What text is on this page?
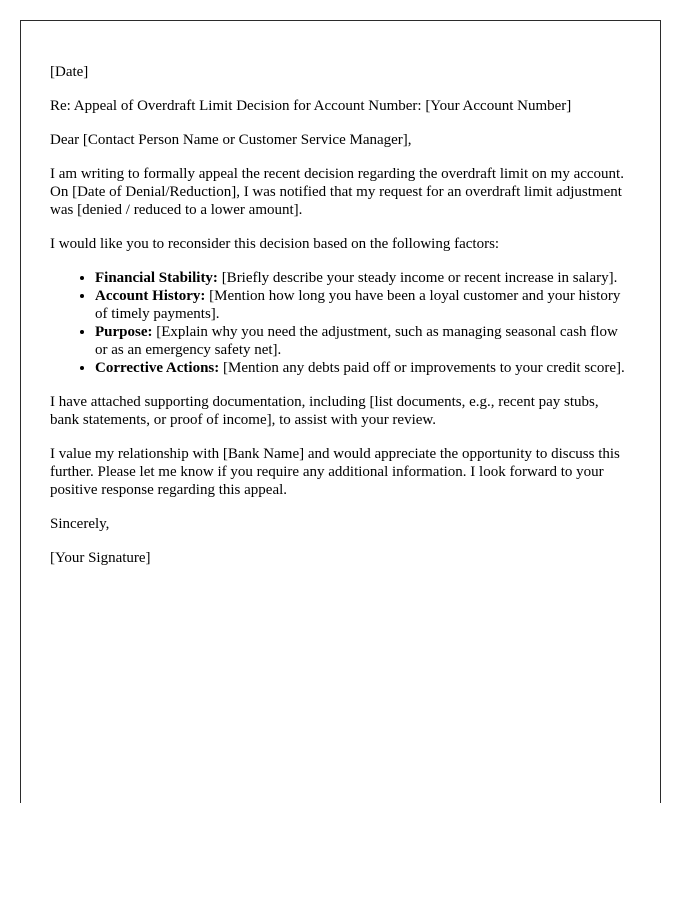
[Date]
Re: Appeal of Overdraft Limit Decision for Account Number: [Your Account Number]
Dear [Contact Person Name or Customer Service Manager],
I am writing to formally appeal the recent decision regarding the overdraft limit on my account. On [Date of Denial/Reduction], I was notified that my request for an overdraft limit adjustment was [denied / reduced to a lower amount].
I would like you to reconsider this decision based on the following factors:
• Financial Stability: [Briefly describe your steady income or recent increase in salary].
• Account History: [Mention how long you have been a loyal customer and your history of timely payments].
• Purpose: [Explain why you need the adjustment, such as managing seasonal cash flow or as an emergency safety net].
• Corrective Actions: [Mention any debts paid off or improvements to your credit score].
I have attached supporting documentation, including [list documents, e.g., recent pay stubs, bank statements, or proof of income], to assist with your review.
I value my relationship with [Bank Name] and would appreciate the opportunity to discuss this further. Please let me know if you require any additional information. I look forward to your positive response regarding this appeal.
Sincerely,
[Your Signature]
